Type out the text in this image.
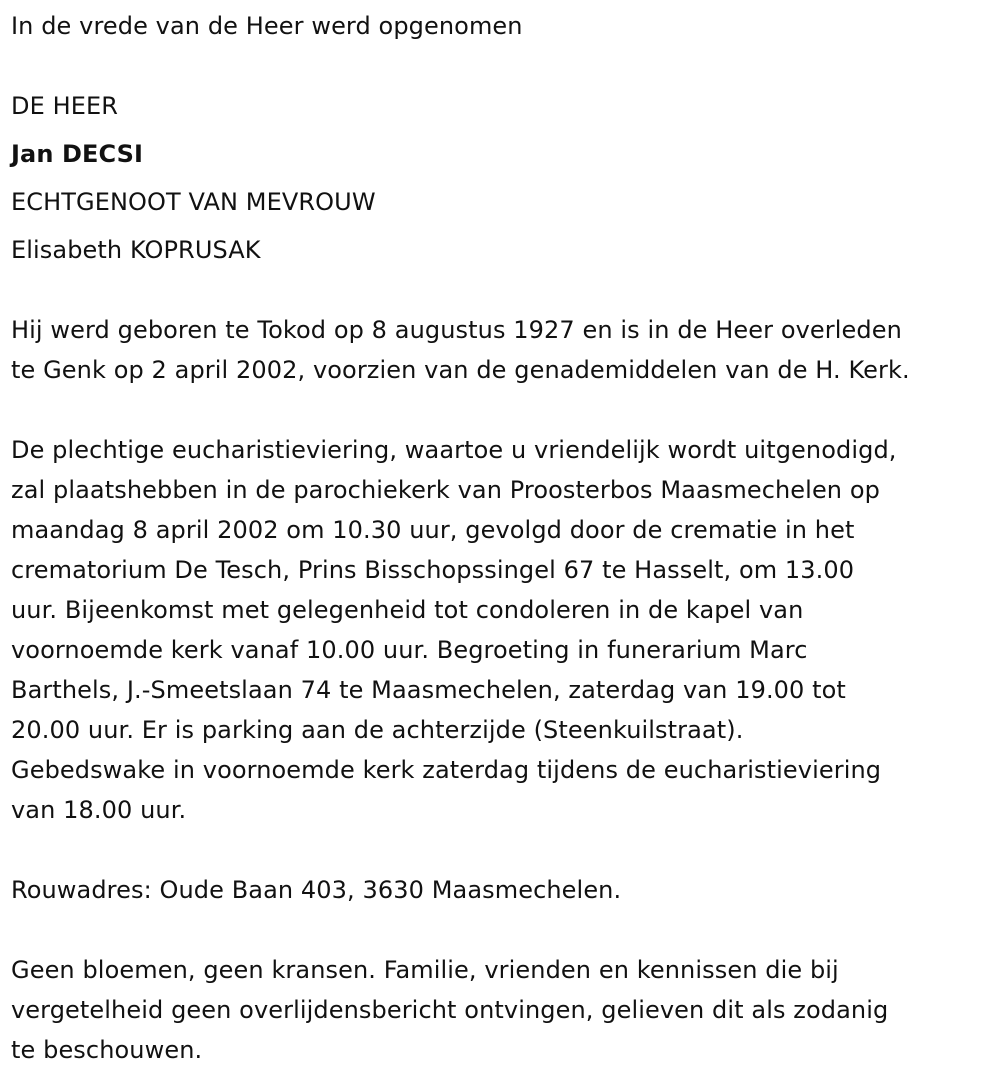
In de vrede van de Heer werd opgenomen
DE HEER
Jan DECSI
ECHTGENOOT VAN MEVROUW
Elisabeth KOPRUSAK
Hij werd geboren te Tokod op 8 augustus 1927 en is in de Heer overleden
te Genk op 2 april 2002, voorzien van de genademiddelen van de H. Kerk.
De plechtige eucharistieviering, waartoe u vriendelijk wordt uitgenodigd,
zal plaatshebben in de parochiekerk van Proosterbos Maasmechelen op
maandag 8 april 2002 om 10.30 uur, gevolgd door de crematie in het
crematorium De Tesch, Prins Bisschopssingel 67 te Hasselt, om 13.00
uur. Bijeenkomst met gelegenheid tot condoleren in de kapel van
voornoemde kerk vanaf 10.00 uur. Begroeting in funerarium Marc
Barthels, J.-Smeetslaan 74 te Maasmechelen, zaterdag van 19.00 tot
20.00 uur. Er is parking aan de achterzijde (Steenkuilstraat).
Gebedswake in voornoemde kerk zaterdag tijdens de eucharistieviering
van 18.00 uur.
Rouwadres: Oude Baan 403, 3630 Maasmechelen.
Geen bloemen, geen kransen. Familie, vrienden en kennissen die bij
vergetelheid geen overlijdensbericht ontvingen, gelieven dit als zodanig
te beschouwen.
